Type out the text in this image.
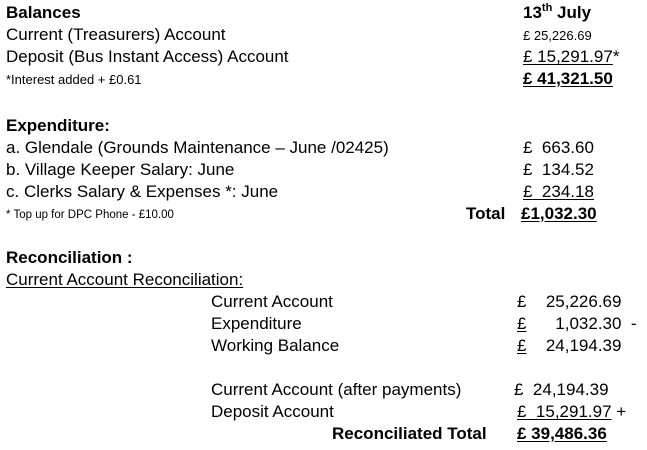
Balances	13th July
Current (Treasurers) Account	£ 25,226.69
Deposit (Bus Instant Access) Account	£ 15,291.97*
*Interest added + £0.61	£ 41,321.50
Expenditure:
a. Glendale (Grounds Maintenance – June /02425)	£ 663.60
b. Village Keeper Salary: June	£ 134.52
c. Clerks Salary & Expenses *: June	£ 234.18
* Top up for DPC Phone - £10.00	Total £1,032.30
Reconciliation :
Current Account Reconciliation:
Current Account	£ 25,226.69
Expenditure	£ 1,032.30 -
Working Balance	£ 24,194.39
Current Account (after payments)	£ 24,194.39
Deposit Account	£ 15,291.97 +
Reconciliated Total £ 39,486.36
